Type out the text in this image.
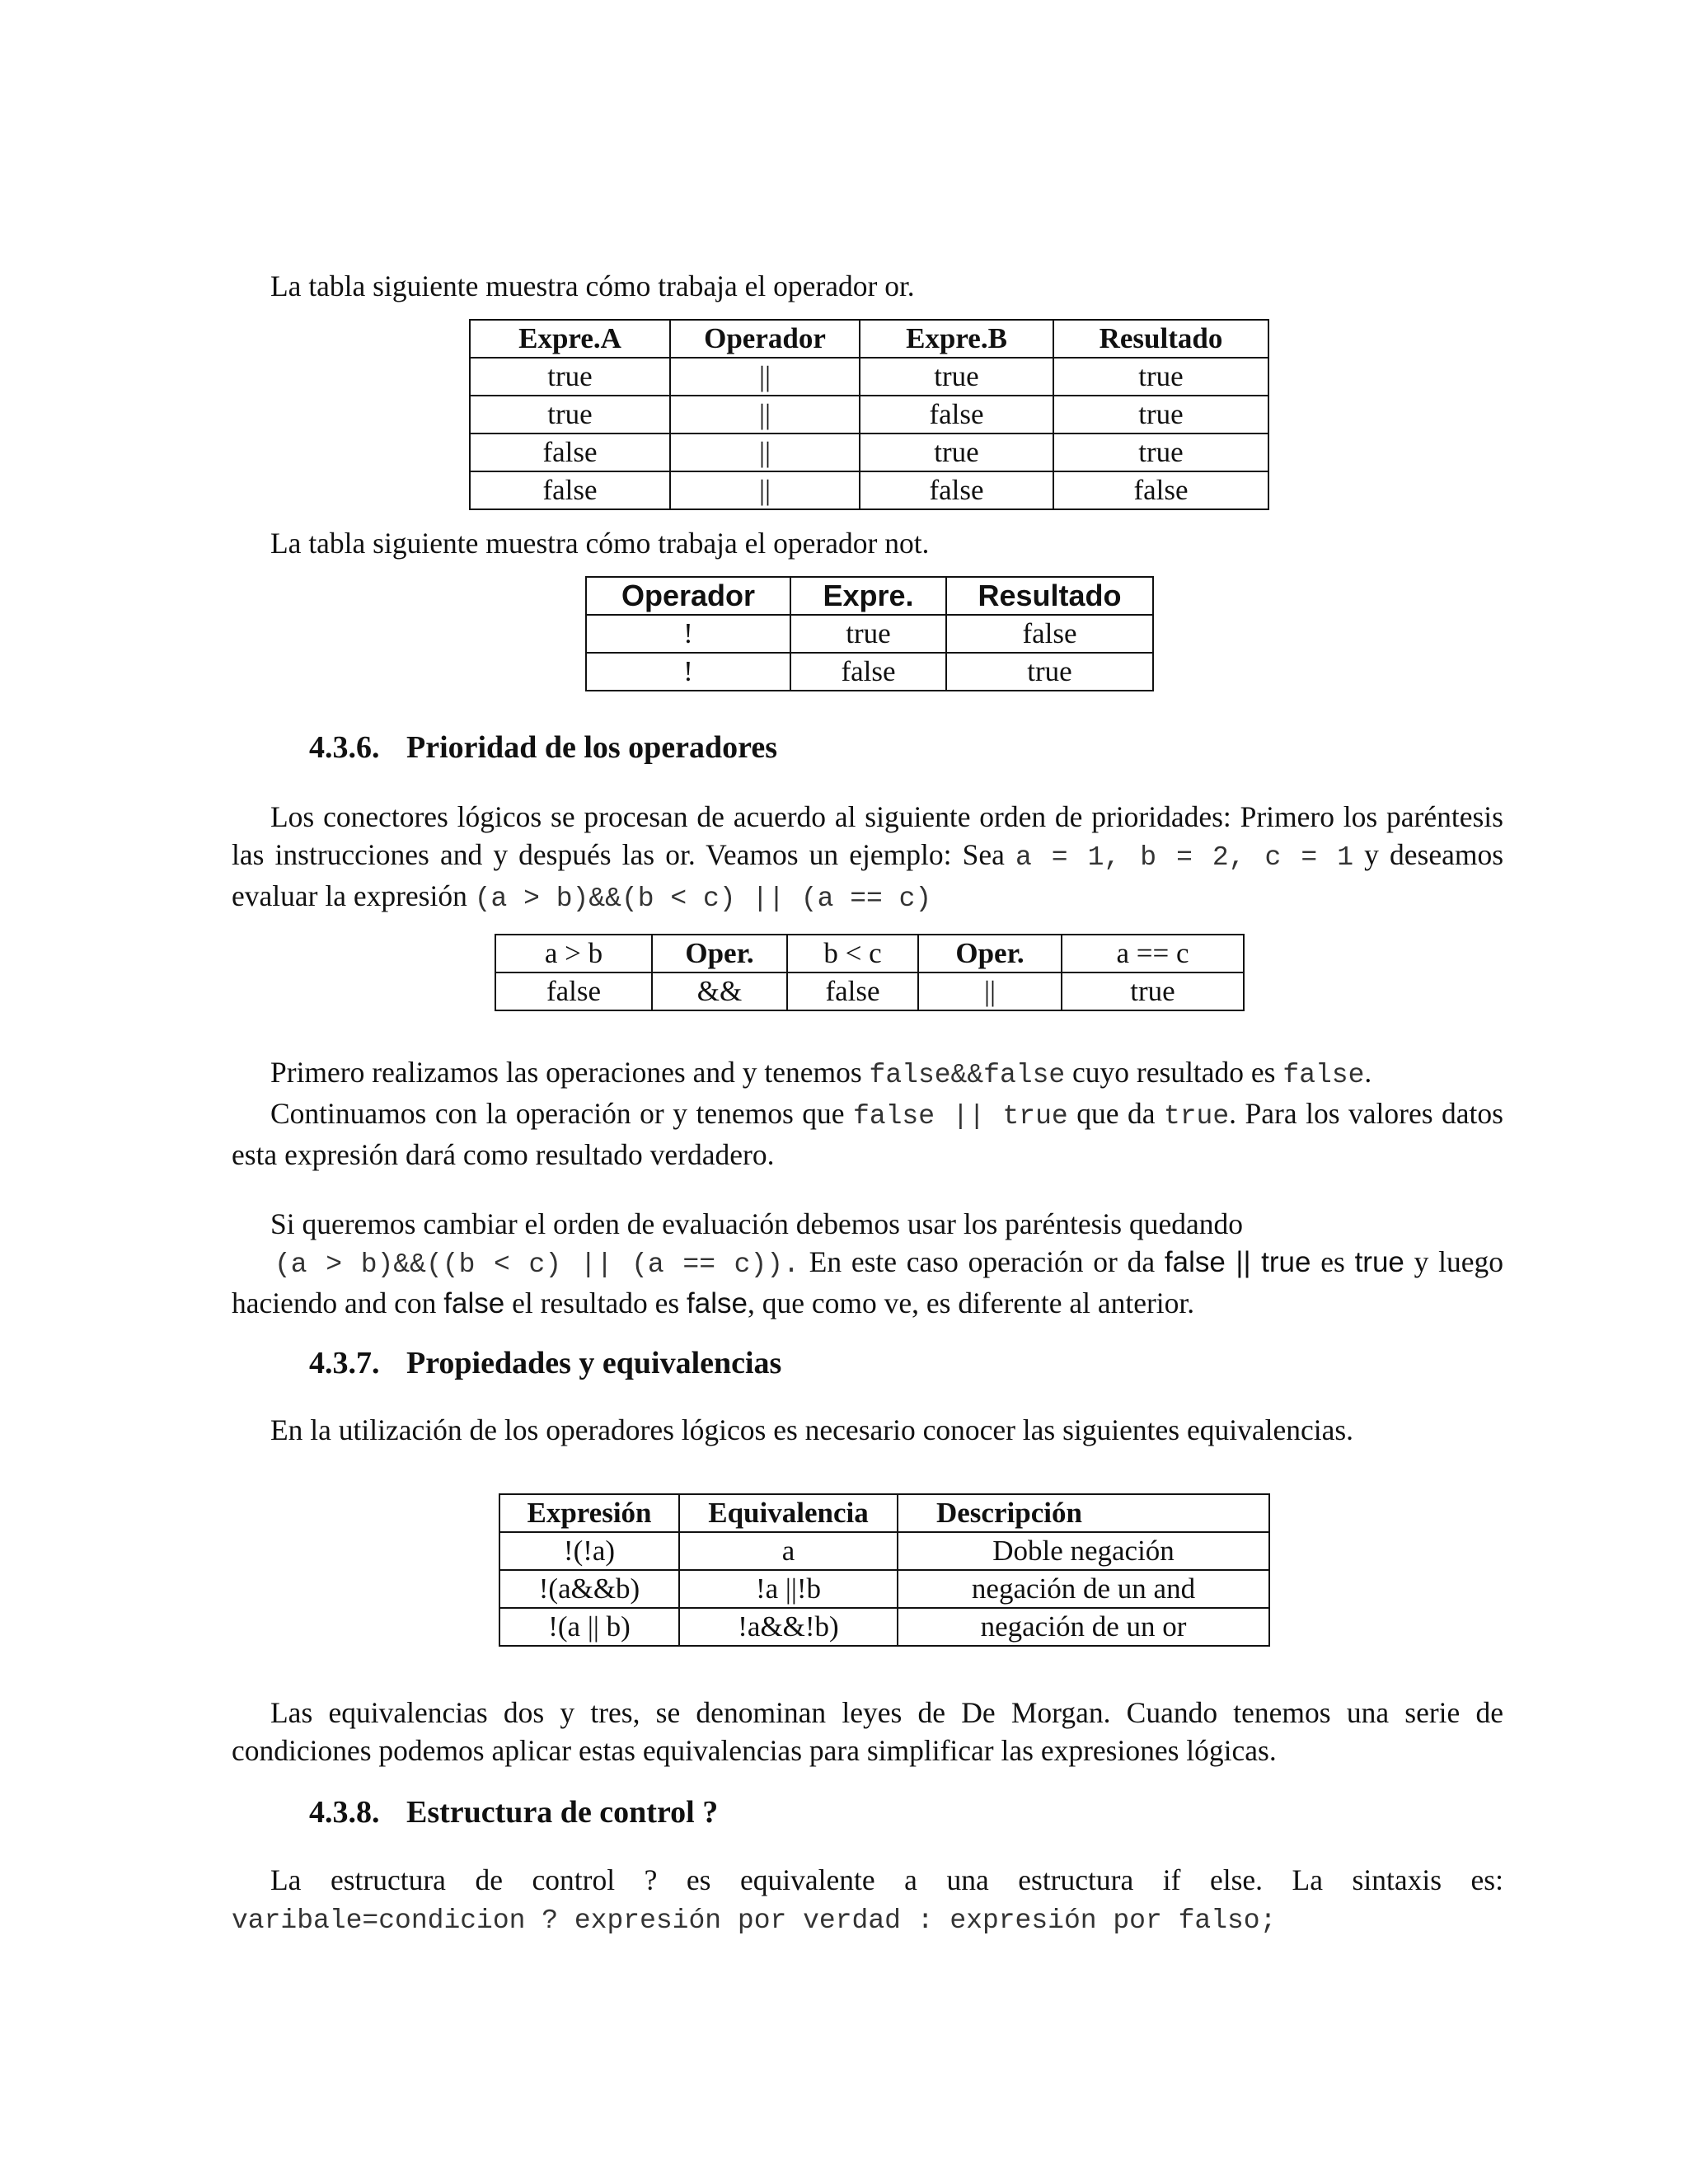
La tabla siguiente muestra cómo trabaja el operador or.
Expre.A	Operador	Expre.B	Resultado
true	||	true	true
true	||	false	true
false	||	true	true
false	||	false	false
La tabla siguiente muestra cómo trabaja el operador not.
Operador	Expre.	Resultado
!	true	false
!	false	true
4.3.6. Prioridad de los operadores
Los conectores lógicos se procesan de acuerdo al siguiente orden de prioridades: Primero los paréntesis las instrucciones and y después las or. Veamos un ejemplo: Sea a = 1, b = 2, c = 1 y deseamos evaluar la expresión (a > b)&&(b < c) || (a == c)
a > b	Oper.	b < c	Oper.	a == c
false	&&	false	||	true
Primero realizamos las operaciones and y tenemos false&&false cuyo resultado es false.
Continuamos con la operación or y tenemos que false || true que da true. Para los valores datos esta expresión dará como resultado verdadero.
Si queremos cambiar el orden de evaluación debemos usar los paréntesis quedando
(a > b)&&((b < c) || (a == c)). En este caso operación or da false || true es true y luego haciendo and con false el resultado es false, que como ve, es diferente al anterior.
4.3.7. Propiedades y equivalencias
En la utilización de los operadores lógicos es necesario conocer las siguientes equivalencias.
Expresión	Equivalencia	Descripción
!(!a)	a	Doble negación
!(a&&b)	!a ||!b	negación de un and
!(a || b)	!a&&!b)	negación de un or
Las equivalencias dos y tres, se denominan leyes de De Morgan. Cuando tenemos una serie de condiciones podemos aplicar estas equivalencias para simplificar las expresiones lógicas.
4.3.8. Estructura de control ?
La estructura de control ? es equivalente a una estructura if else. La sintaxis es:
varibale=condicion ? expresión por verdad : expresión por falso;
